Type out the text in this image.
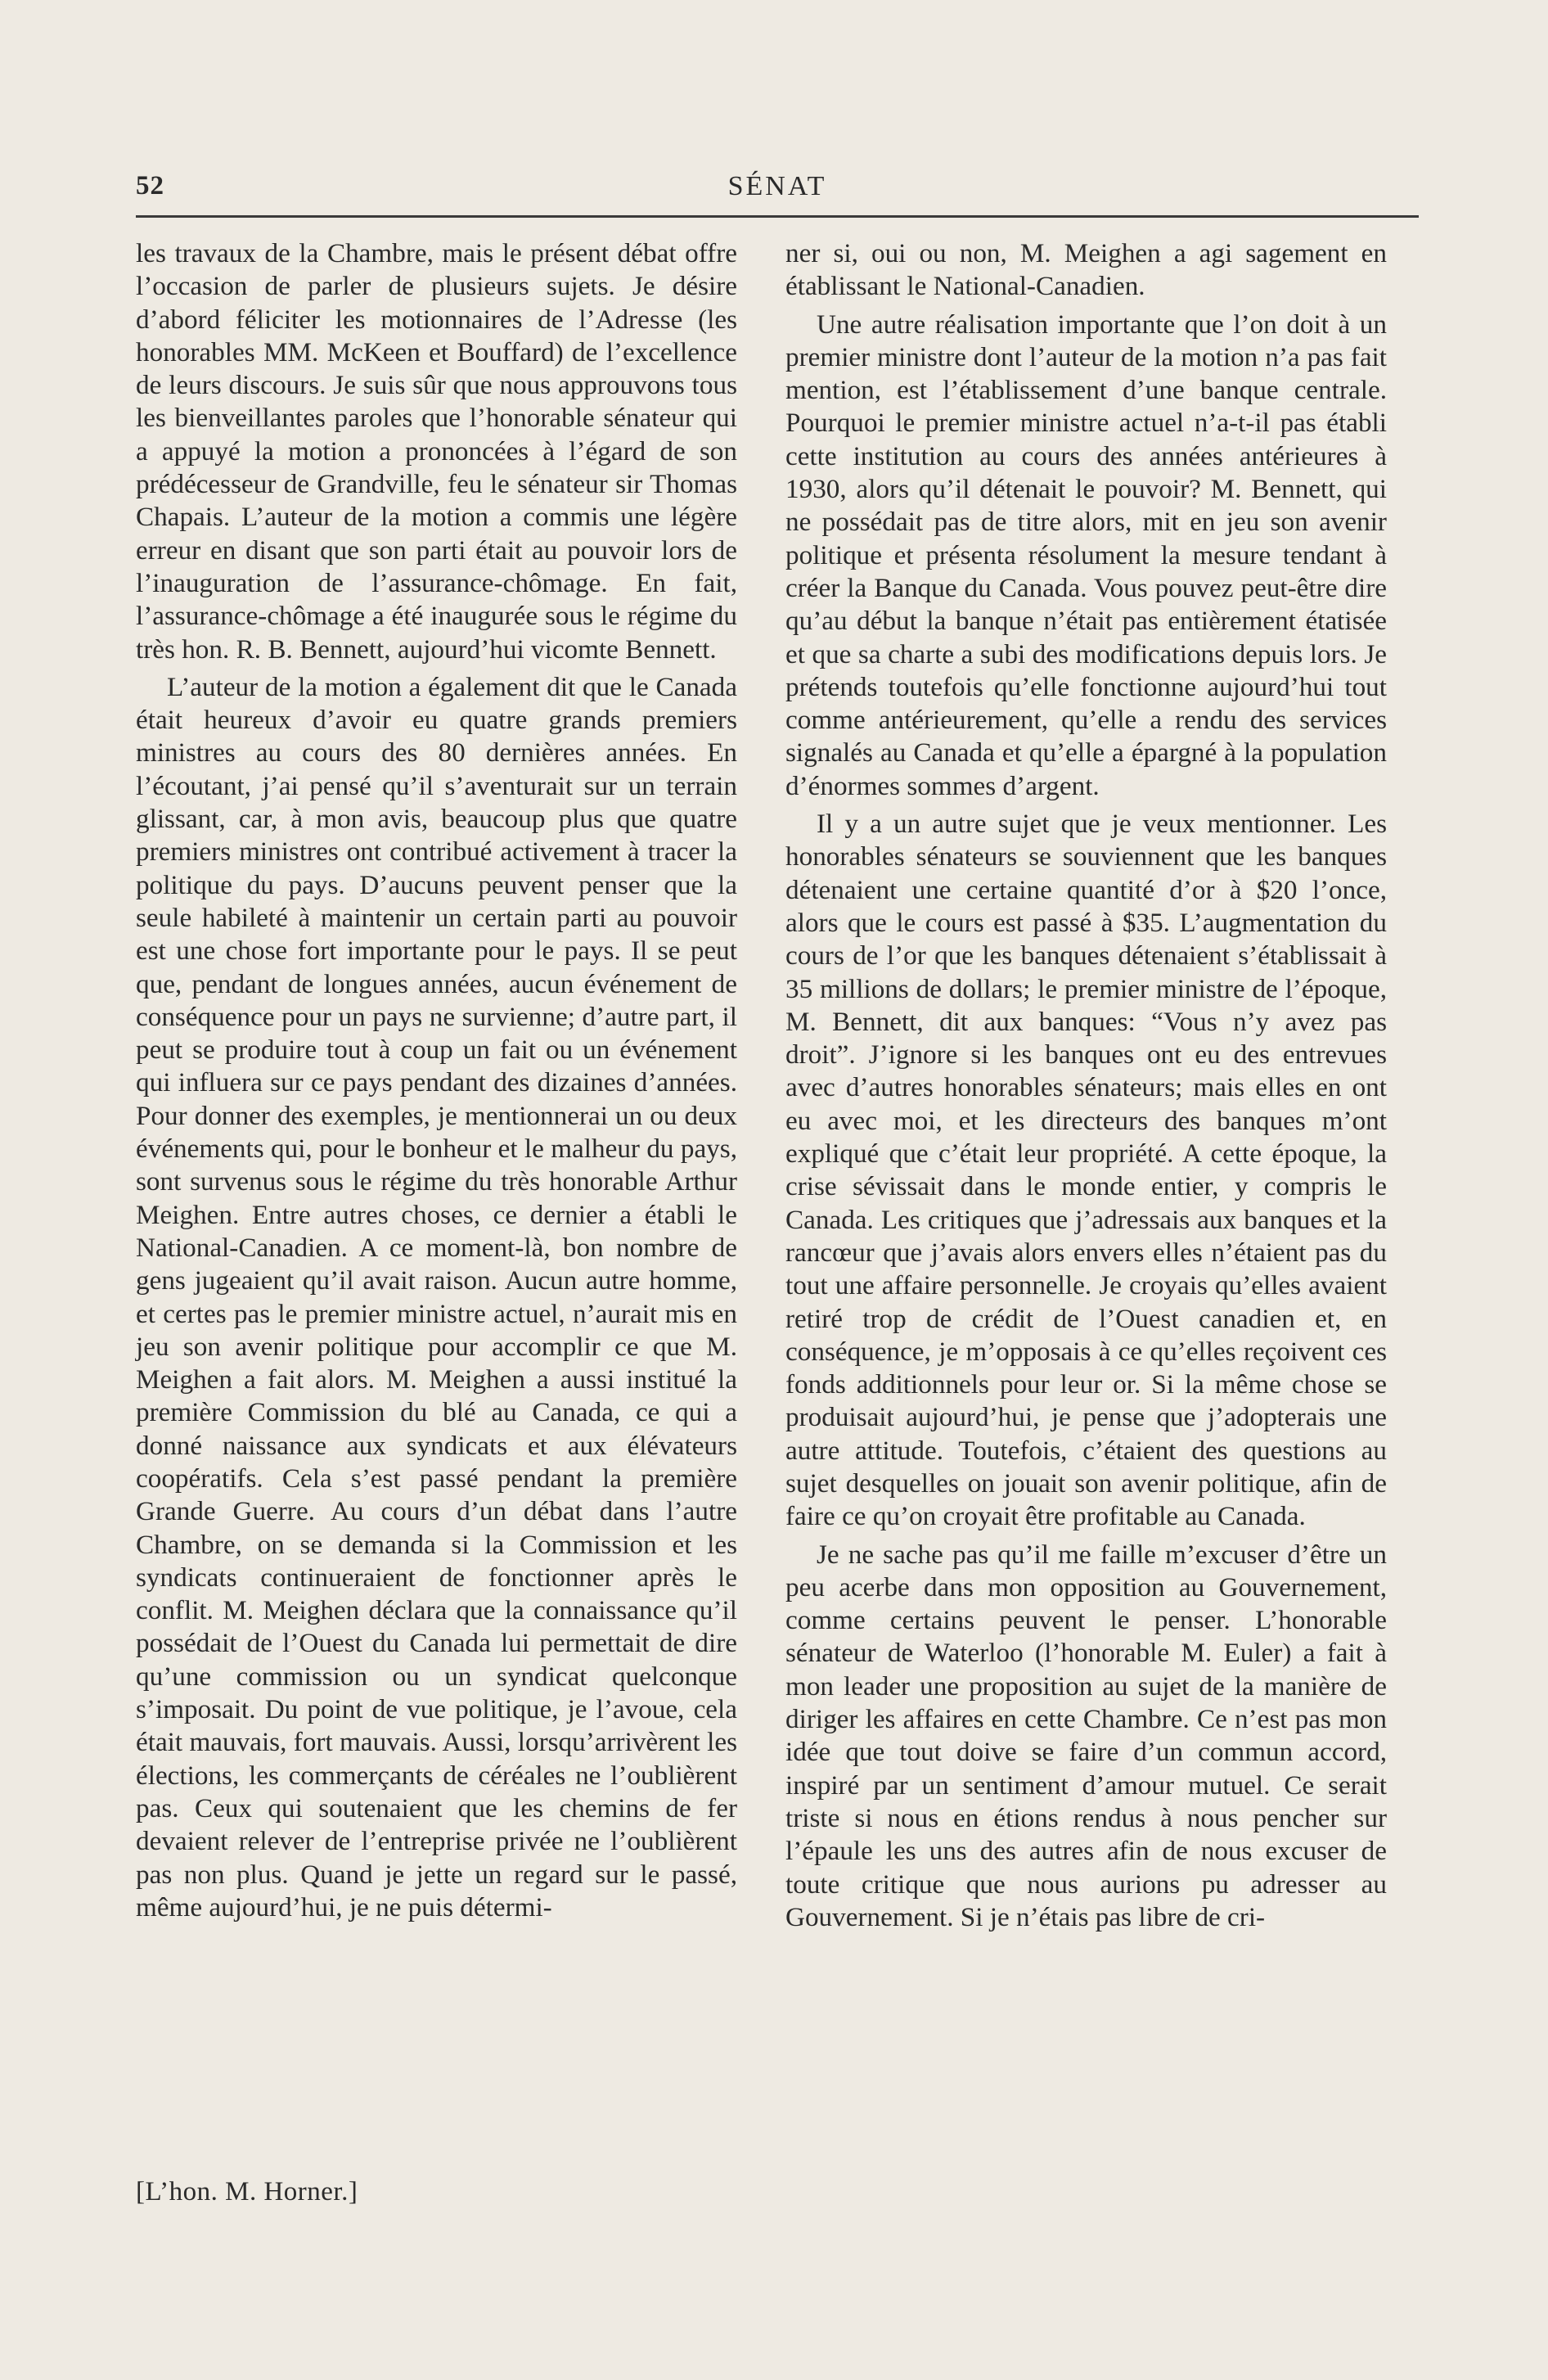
52	SÉNAT

les travaux de la Chambre, mais le présent débat offre l’occasion de parler de plusieurs sujets. Je désire d’abord féliciter les motionnaires de l’Adresse (les honorables MM. McKeen et Bouffard) de l’excellence de leurs discours. Je suis sûr que nous approuvons tous les bienveillantes paroles que l’honorable sénateur qui a appuyé la motion a prononcées à l’égard de son prédécesseur de Grandville, feu le sénateur sir Thomas Chapais. L’auteur de la motion a commis une légère erreur en disant que son parti était au pouvoir lors de l’inauguration de l’assurance-chômage. En fait, l’assurance-chômage a été inaugurée sous le régime du très hon. R. B. Bennett, aujourd’hui vicomte Bennett.

L’auteur de la motion a également dit que le Canada était heureux d’avoir eu quatre grands premiers ministres au cours des 80 dernières années. En l’écoutant, j’ai pensé qu’il s’aventurait sur un terrain glissant, car, à mon avis, beaucoup plus que quatre premiers ministres ont contribué activement à tracer la politique du pays. D’aucuns peuvent penser que la seule habileté à maintenir un certain parti au pouvoir est une chose fort importante pour le pays. Il se peut que, pendant de longues années, aucun événement de conséquence pour un pays ne survienne; d’autre part, il peut se produire tout à coup un fait ou un événement qui influera sur ce pays pendant des dizaines d’années. Pour donner des exemples, je mentionnerai un ou deux événements qui, pour le bonheur et le malheur du pays, sont survenus sous le régime du très honorable Arthur Meighen. Entre autres choses, ce dernier a établi le National-Canadien. A ce moment-là, bon nombre de gens jugeaient qu’il avait raison. Aucun autre homme, et certes pas le premier ministre actuel, n’aurait mis en jeu son avenir politique pour accomplir ce que M. Meighen a fait alors. M. Meighen a aussi institué la première Commission du blé au Canada, ce qui a donné naissance aux syndicats et aux élévateurs coopératifs. Cela s’est passé pendant la première Grande Guerre. Au cours d’un débat dans l’autre Chambre, on se demanda si la Commission et les syndicats continueraient de fonctionner après le conflit. M. Meighen déclara que la connaissance qu’il possédait de l’Ouest du Canada lui permettait de dire qu’une commission ou un syndicat quelconque s’imposait. Du point de vue politique, je l’avoue, cela était mauvais, fort mauvais. Aussi, lorsqu’arrivèrent les élections, les commerçants de céréales ne l’oublièrent pas. Ceux qui soutenaient que les chemins de fer devaient relever de l’entreprise privée ne l’oublièrent pas non plus. Quand je jette un regard sur le passé, même aujourd’hui, je ne puis détermi-

ner si, oui ou non, M. Meighen a agi sagement en établissant le National-Canadien.

Une autre réalisation importante que l’on doit à un premier ministre dont l’auteur de la motion n’a pas fait mention, est l’établissement d’une banque centrale. Pourquoi le premier ministre actuel n’a-t-il pas établi cette institution au cours des années antérieures à 1930, alors qu’il détenait le pouvoir? M. Bennett, qui ne possédait pas de titre alors, mit en jeu son avenir politique et présenta résolument la mesure tendant à créer la Banque du Canada. Vous pouvez peut-être dire qu’au début la banque n’était pas entièrement étatisée et que sa charte a subi des modifications depuis lors. Je prétends toutefois qu’elle fonctionne aujourd’hui tout comme antérieurement, qu’elle a rendu des services signalés au Canada et qu’elle a épargné à la population d’énormes sommes d’argent.

Il y a un autre sujet que je veux mentionner. Les honorables sénateurs se souviennent que les banques détenaient une certaine quantité d’or à $20 l’once, alors que le cours est passé à $35. L’augmentation du cours de l’or que les banques détenaient s’établissait à 35 millions de dollars; le premier ministre de l’époque, M. Bennett, dit aux banques: “Vous n’y avez pas droit”. J’ignore si les banques ont eu des entrevues avec d’autres honorables sénateurs; mais elles en ont eu avec moi, et les directeurs des banques m’ont expliqué que c’était leur propriété. A cette époque, la crise sévissait dans le monde entier, y compris le Canada. Les critiques que j’adressais aux banques et la rancœur que j’avais alors envers elles n’étaient pas du tout une affaire personnelle. Je croyais qu’elles avaient retiré trop de crédit de l’Ouest canadien et, en conséquence, je m’opposais à ce qu’elles reçoivent ces fonds additionnels pour leur or. Si la même chose se produisait aujourd’hui, je pense que j’adopterais une autre attitude. Toutefois, c’étaient des questions au sujet desquelles on jouait son avenir politique, afin de faire ce qu’on croyait être profitable au Canada.

Je ne sache pas qu’il me faille m’excuser d’être un peu acerbe dans mon opposition au Gouvernement, comme certains peuvent le penser. L’honorable sénateur de Waterloo (l’honorable M. Euler) a fait à mon leader une proposition au sujet de la manière de diriger les affaires en cette Chambre. Ce n’est pas mon idée que tout doive se faire d’un commun accord, inspiré par un sentiment d’amour mutuel. Ce serait triste si nous en étions rendus à nous pencher sur l’épaule les uns des autres afin de nous excuser de toute critique que nous aurions pu adresser au Gouvernement. Si je n’étais pas libre de cri-

[L’hon. M. Horner.]
